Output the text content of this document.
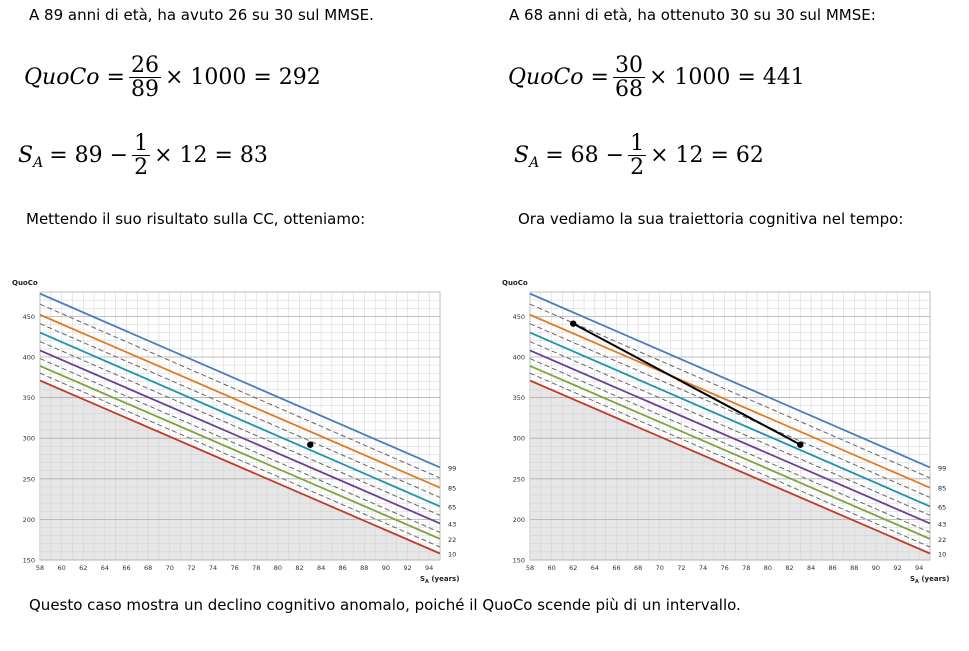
A 89 anni di età, ha avuto 26 su 30 sul MMSE.
QuoCo = $\frac{26}{89} \times 1000 = 292$
S $A = 89 - \frac{1}{2} \times 12 = 83$
Mettendo il suo risultato sulla CC, otteniamo:
A 68 anni di età, ha ottenuto 30 su 30 sul MMSE:
QuoCo = $\frac{30}{68} \times 1000 = 441$
S $A = 68 - \frac{1}{2} \times 12 = 62$
Ora vediamo la sua traiettoria cognitiva nel tempo:
99
85
65
43
22
10
150
200
250
300
350
400
450
58 60 62 64 66 68 70 72 74 76 78 80 82 84 86 88 90 92 94
QuoCo
$S_A$ (years)
99
85
65
43
22
10
150
200
250
300
350
400
450
58 60 62 64 66 68 70 72 74 76 78 80 82 84 86 88 90 92 94
QuoCo
$S_A$ (years)
Questo caso mostra un declino cognitivo anomalo, poiché il QuoCo scende più di un intervallo.
